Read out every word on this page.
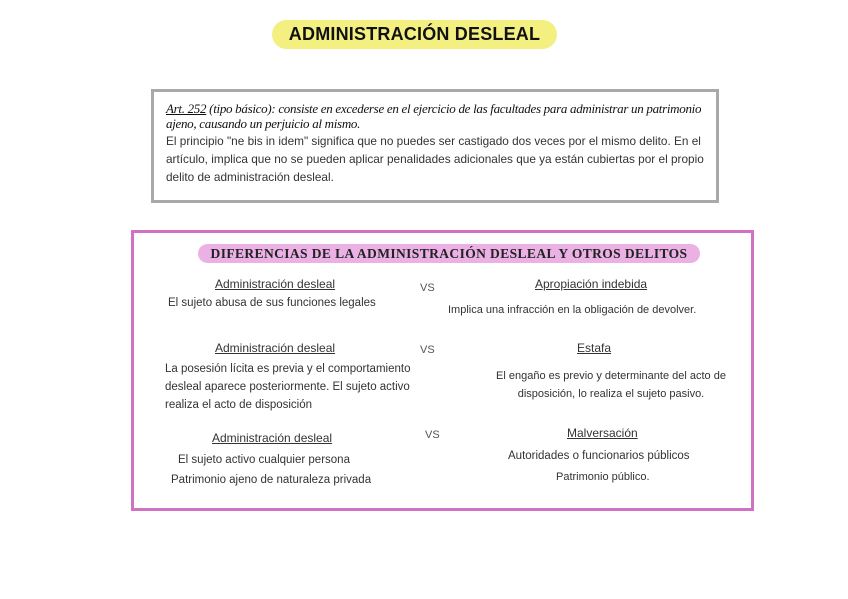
ADMINISTRACIÓN DESLEAL
Art. 252 (tipo básico): consiste en excederse en el ejercicio de las facultades para administrar un patrimonio ajeno, causando un perjuicio al mismo.
El principio "ne bis in idem" significa que no puedes ser castigado dos veces por el mismo delito. En el artículo, implica que no se pueden aplicar penalidades adicionales que ya están cubiertas por el propio delito de administración desleal.
DIFERENCIAS DE LA ADMINISTRACIÓN DESLEAL Y OTROS DELITOS
Administración desleal
El sujeto abusa de sus funciones legales
VS	Apropiación indebida
Implica una infracción en la obligación de devolver.
Administración desleal
La posesión lícita es previa y el comportamiento desleal aparece posteriormente. El sujeto activo realiza el acto de disposición
VS	Estafa
El engaño es previo y determinante del acto de disposición, lo realiza el sujeto pasivo.
Administración desleal
El sujeto activo cualquier persona
Patrimonio ajeno de naturaleza privada
VS	Malversación
Autoridades o funcionarios públicos
Patrimonio público.
